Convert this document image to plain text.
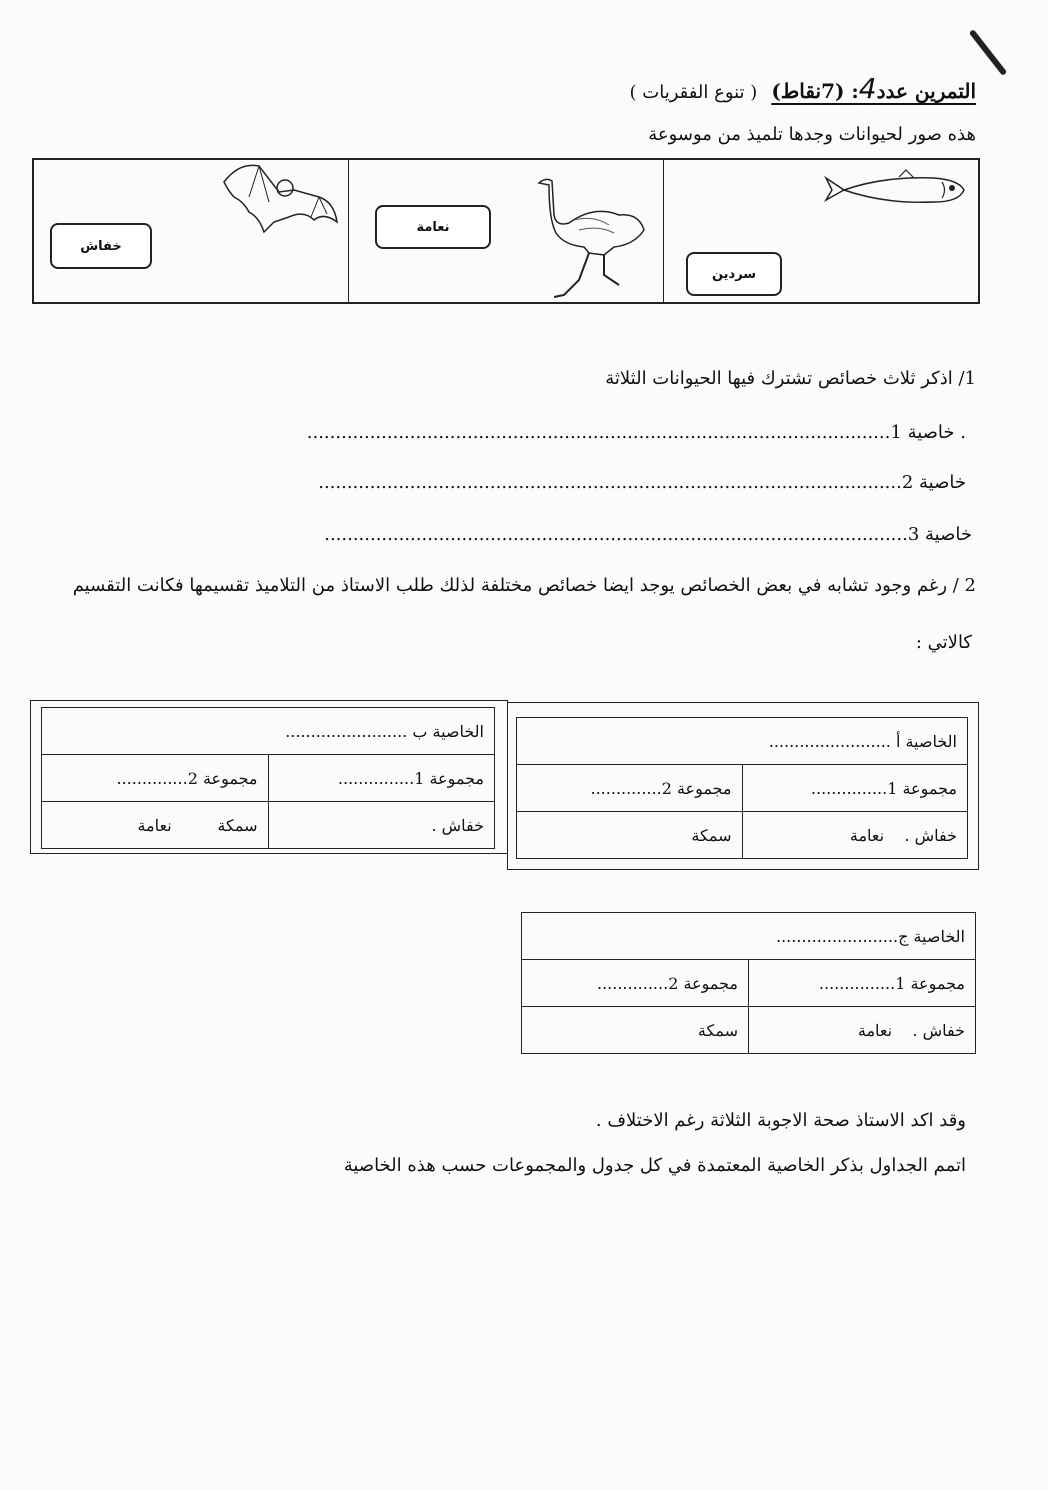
التمرين عدد4: (7نقاط)
( تنوع الفقريات )
هذه صور لحيوانات وجدها تلميذ من موسوعة
خفاش
نعامة
سردين
1/ اذكر ثلاث خصائص تشترك فيها الحيوانات الثلاثة
. خاصية 1......................................................................................................
خاصية 2......................................................................................................
خاصية 3......................................................................................................
2 / رغم وجود تشابه في بعض الخصائص يوجد ايضا خصائص مختلفة لذلك طلب الاستاذ من التلاميذ تقسيمها فكانت التقسيم
كالاتي :
الخاصية أ ........................	
مجموعة 1...............	مجموعة 2..............
خفاش .    نعامة	سمكة
الخاصية ب ........................	
مجموعة 1...............	مجموعة 2..............
خفاش .	سمكة         نعامة
الخاصية ج........................	
مجموعة 1...............	مجموعة 2..............
خفاش .    نعامة	سمكة
وقد اكد الاستاذ صحة الاجوبة الثلاثة رغم الاختلاف .
اتمم الجداول بذكر الخاصية المعتمدة في كل جدول والمجموعات حسب هذه الخاصية
